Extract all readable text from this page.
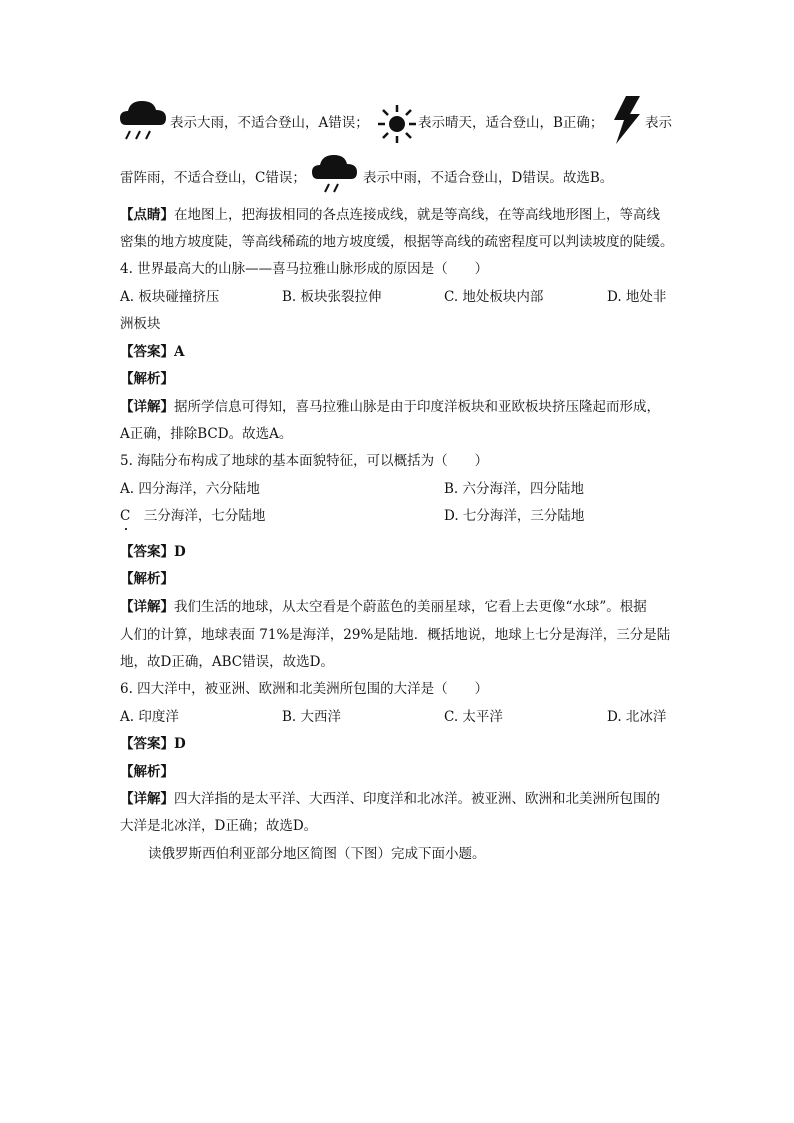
表示大雨，不适合登山，A错误；	表示晴天，适合登山，B正确；	表示
雷阵雨，不适合登山，C错误；	表示中雨，不适合登山，D错误。故选B。
【点睛】在地图上，把海拔相同的各点连接成线，就是等高线，在等高线地形图上，等高线
密集的地方坡度陡，等高线稀疏的地方坡度缓，根据等高线的疏密程度可以判读坡度的陡缓。
4. 世界最高大的山脉——喜马拉雅山脉形成的原因是（　　）
A. 板块碰撞挤压	B. 板块张裂拉伸	C. 地处板块内部	D. 地处非
洲板块
【答案】A
【解析】
【详解】据所学信息可得知，喜马拉雅山脉是由于印度洋板块和亚欧板块挤压隆起而形成，
A正确，排除BCD。故选A。
5. 海陆分布构成了地球的基本面貌特征，可以概括为（　　）
A. 四分海洋，六分陆地	B. 六分海洋，四分陆地
C　三分海洋，七分陆地	D. 七分海洋，三分陆地
【答案】D
【解析】
【详解】我们生活的地球，从太空看是个蔚蓝色的美丽星球，它看上去更像“水球”。根据
人们的计算，地球表面 71%是海洋，29%是陆地．概括地说，地球上七分是海洋，三分是陆
地，故D正确，ABC错误，故选D。
6. 四大洋中，被亚洲、欧洲和北美洲所包围的大洋是（　　）
A. 印度洋	B. 大西洋	C. 太平洋	D. 北冰洋
【答案】D
【解析】
【详解】四大洋指的是太平洋、大西洋、印度洋和北冰洋。被亚洲、欧洲和北美洲所包围的
大洋是北冰洋，D正确；故选D。
读俄罗斯西伯利亚部分地区简图（下图）完成下面小题。
